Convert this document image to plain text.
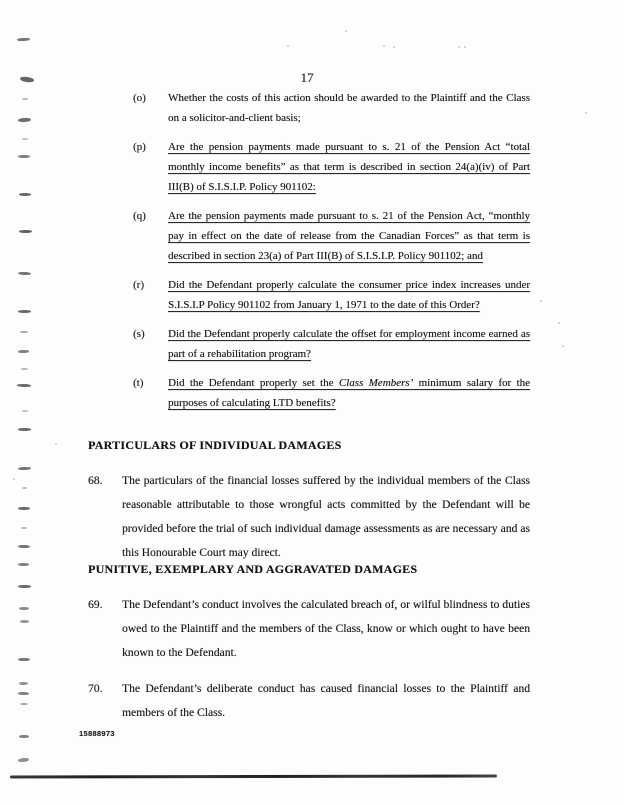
17
(o)	Whether the costs of this action should be awarded to the Plaintiff and the Class on a solicitor-and-client basis;
(p)	Are the pension payments made pursuant to s. 21 of the Pension Act “total monthly income benefits” as that term is described in section 24(a)(iv) of Part III(B) of S.I.S.I.P. Policy 901102:
(q)	Are the pension payments made pursuant to s. 21 of the Pension Act, “monthly pay in effect on the date of release from the Canadian Forces” as that term is described in section 23(a) of Part III(B) of S.I.S.I.P. Policy 901102; and
(r)	Did the Defendant properly calculate the consumer price index increases under S.I.S.I.P Policy 901102 from January 1, 1971 to the date of this Order?
(s)	Did the Defendant properly calculate the offset for employment income earned as part of a rehabilitation program?
(t)	Did the Defendant properly set the Class Members’ minimum salary for the purposes of calculating LTD benefits?
PARTICULARS OF INDIVIDUAL DAMAGES
68.	The particulars of the financial losses suffered by the individual members of the Class reasonable attributable to those wrongful acts committed by the Defendant will be provided before the trial of such individual damage assessments as are necessary and as this Honourable Court may direct.
PUNITIVE, EXEMPLARY AND AGGRAVATED DAMAGES
69.	The Defendant’s conduct involves the calculated breach of, or wilful blindness to duties owed to the Plaintiff and the members of the Class, know or which ought to have been known to the Defendant.
70.	The Defendant’s deliberate conduct has caused financial losses to the Plaintiff and members of the Class.
15888973
